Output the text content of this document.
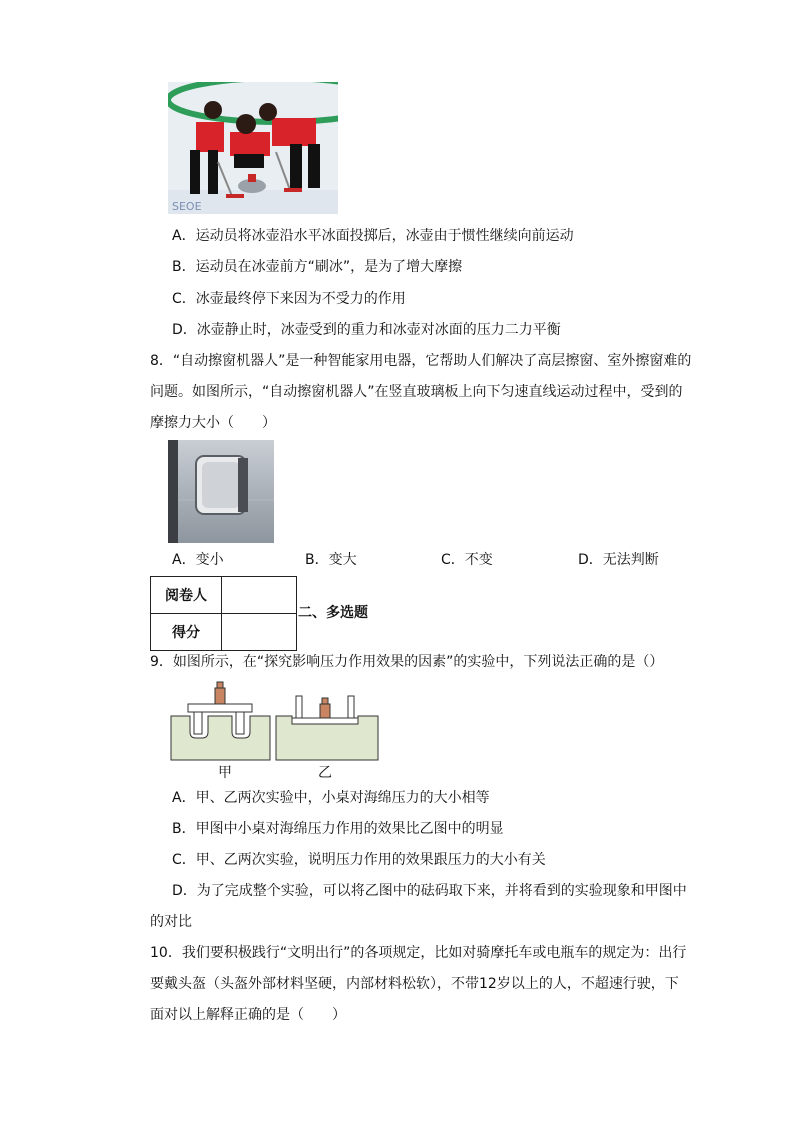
SEOE
A．运动员将冰壶沿水平冰面投掷后，冰壶由于惯性继续向前运动
B．运动员在冰壶前方“刷冰”，是为了增大摩擦
C．冰壶最终停下来因为不受力的作用
D．冰壶静止时，冰壶受到的重力和冰壶对冰面的压力二力平衡
8．“自动擦窗机器人”是一种智能家用电器，它帮助人们解决了高层擦窗、室外擦窗难的
问题。如图所示，“自动擦窗机器人”在竖直玻璃板上向下匀速直线运动过程中，受到的
摩擦力大小（　　）
A．变小	B．变大	C．不变	D．无法判断
阅卷人	
得分	
二、多选题
9．如图所示，在“探究影响压力作用效果的因素”的实验中，下列说法正确的是（）
甲	乙
A．甲、乙两次实验中，小桌对海绵压力的大小相等
B．甲图中小桌对海绵压力作用的效果比乙图中的明显
C．甲、乙两次实验，说明压力作用的效果跟压力的大小有关
D．为了完成整个实验，可以将乙图中的砝码取下来，并将看到的实验现象和甲图中
的对比
10．我们要积极践行“文明出行”的各项规定，比如对骑摩托车或电瓶车的规定为：出行
要戴头盔（头盔外部材料坚硬，内部材料松软），不带12岁以上的人，不超速行驶，下
面对以上解释正确的是（　　）
